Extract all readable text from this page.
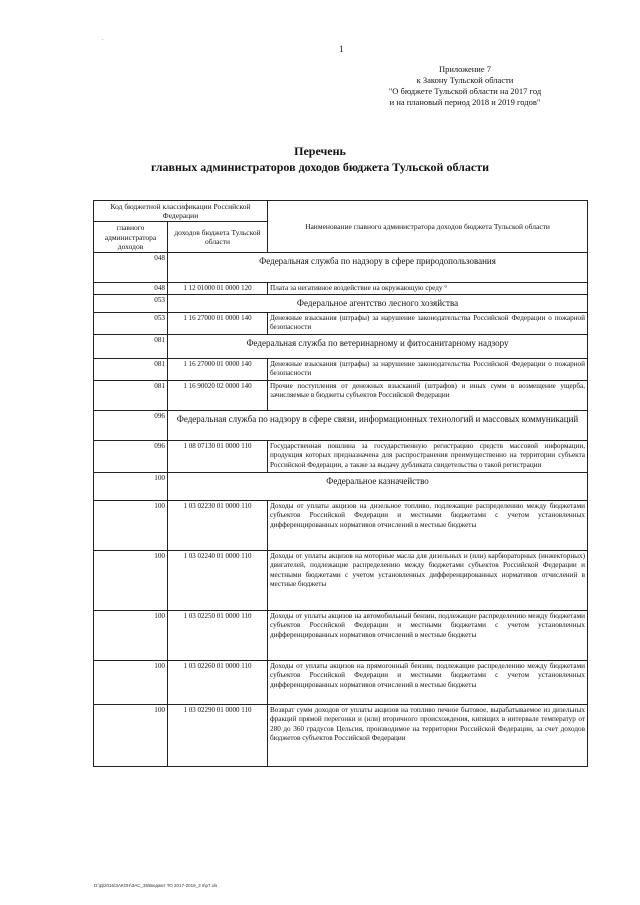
.
1
Приложение 7
к Закону Тульской области
"О бюджете Тульской области на 2017 год
и на плановый период 2018 и 2019 годов"
Перечень
главных администраторов доходов бюджета Тульской области
Код бюджетной классификации Российской Федерации		Наименование главного администратора доходов бюджета Тульской области
главного администратора доходов	доходов бюджета Тульской области	
048	Федеральная служба по надзору в сфере природопользования	
048	1 12 01000 01 0000 120	Плата за негативное воздействие на окружающую среду °
053	Федеральное агентство лесного хозяйства	
053	1 16 27000 01 0000 140	Денежные взыскания (штрафы) за нарушение законодательства Российской Федерации о пожарной безопасности
081	Федеральная служба по ветеринарному и фитосанитарному надзору	
081	1 16 27000 01 0000 140	Денежные взыскания (штрафы) за нарушение законодательства Российской Федерации о пожарной безопасности
081	1 16 90020 02 0000 140	Прочие поступления от денежных взысканий (штрафов) и иных сумм в возмещение ущерба, зачисляемые в бюджеты субъектов Российской Федерации
096	Федеральная служба по надзору в сфере связи, информационных технологий и массовых коммуникаций	
096	1 08 07130 01 0000 110	Государственная пошлина за государственную регистрацию средств массовой информации, продукция которых предназначена для распространения преимущественно на территории субъекта Российской Федерации, а также за выдачу дубликата свидетельства о такой регистрации
100	Федеральное казначейство	
100	1 03 02230 01 0000 110	Доходы от уплаты акцизов на дизельное топливо, подлежащие распределению между бюджетами субъектов Российской Федерации и местными бюджетами с учетом установленных дифференцированных нормативов отчислений в местные бюджеты
100	1 03 02240 01 0000 110	Доходы от уплаты акцизов на моторные масла для дизельных и (или) карбюраторных (инжекторных) двигателей, подлежащие распределению между бюджетами субъектов Российской Федерации и местными бюджетами с учетом установленных дифференцированных нормативов отчислений в местные бюджеты
100	1 03 02250 01 0000 110	Доходы от уплаты акцизов на автомобильный бензин, подлежащие распределению между бюджетами субъектов Российской Федерации и местными бюджетами с учетом установленных дифференцированных нормативов отчислений в местные бюджеты
100	1 03 02260 01 0000 110	Доходы от уплаты акцизов на прямогонный бензин, подлежащие распределению между бюджетами субъектов Российской Федерации и местными бюджетами с учетом установленных дифференцированных нормативов отчислений в местные бюджеты
100	1 03 02290 01 0000 110	Возврат сумм доходов от уплаты акцизов на топливо печное бытовое, вырабатываемое из дизельных фракций прямой перегонки и (или) вторичного происхождения, кипящих в интервале температур от 280 до 360 градусов Цельсия, производимое на территории Российской Федерации, за счет доходов бюджетов субъектов Российской Федерации
D:\Д\2016\ЗАКОН\ЗАС_35\Бюджет ТО 2017-2019_3 п\р7.xls
